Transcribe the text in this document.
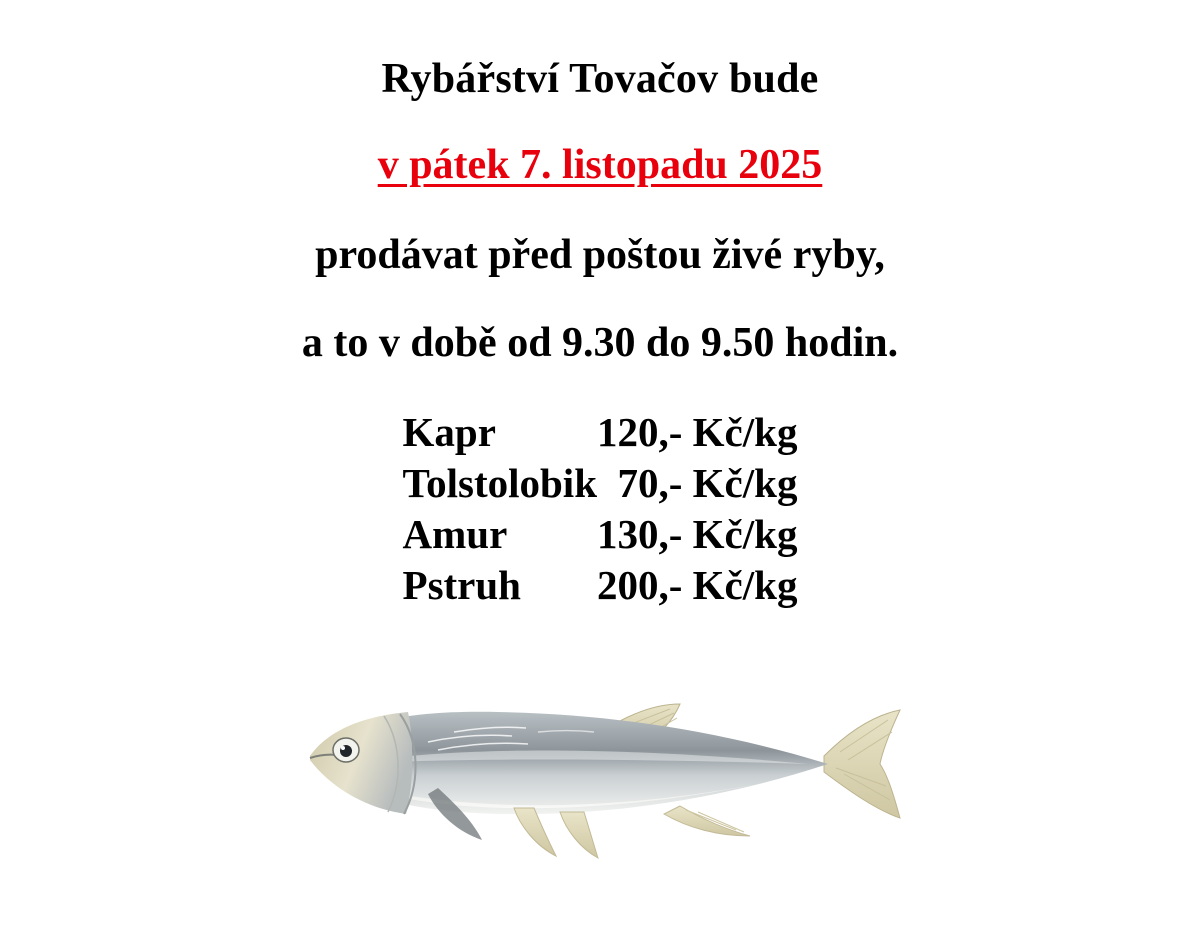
Rybářství Tovačov bude
v pátek 7. listopadu 2025
prodávat před poštou živé ryby,
a to v době od 9.30 do 9.50 hodin.
Kapr	120,- Kč/kg
Tolstolobik	70,- Kč/kg
Amur	130,- Kč/kg
Pstruh	200,- Kč/kg
